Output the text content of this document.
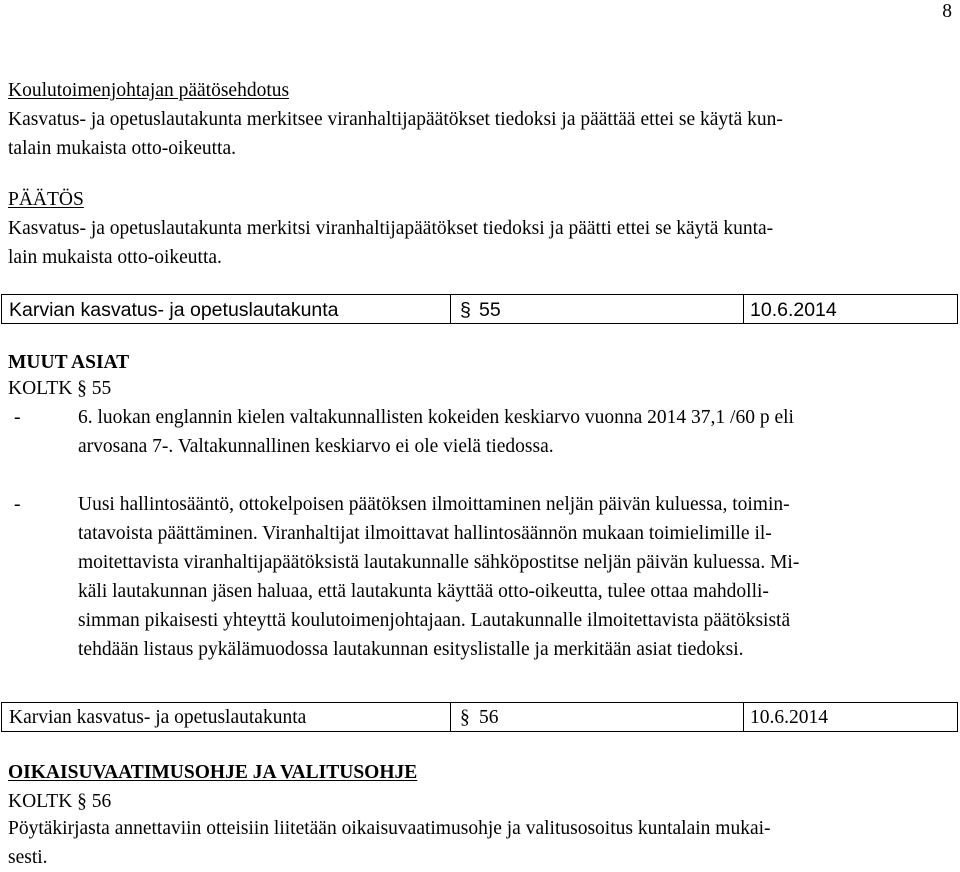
8
Koulutoimenjohtajan päätösehdotus
Kasvatus- ja opetuslautakunta merkitsee viranhaltijapäätökset tiedoksi ja päättää ettei se käytä kun-
talain mukaista otto-oikeutta.
PÄÄTÖS
Kasvatus- ja opetuslautakunta merkitsi viranhaltijapäätökset tiedoksi ja päätti ettei se käytä kunta-
lain mukaista otto-oikeutta.
Karvian kasvatus- ja opetuslautakunta	§ 55	10.6.2014
MUUT ASIAT
KOLTK § 55
-	6. luokan englannin kielen valtakunnallisten kokeiden keskiarvo vuonna 2014 37,1 /60 p eli
arvosana 7-. Valtakunnallinen keskiarvo ei ole vielä tiedossa.
-	Uusi hallintosääntö, ottokelpoisen päätöksen ilmoittaminen neljän päivän kuluessa, toimin-
tatavoista päättäminen. Viranhaltijat ilmoittavat hallintosäännön mukaan toimielimille il-
moitettavista viranhaltijapäätöksistä lautakunnalle sähköpostitse neljän päivän kuluessa. Mi-
käli lautakunnan jäsen haluaa, että lautakunta käyttää otto-oikeutta, tulee ottaa mahdolli-
simman pikaisesti yhteyttä koulutoimenjohtajaan. Lautakunnalle ilmoitettavista päätöksistä
tehdään listaus pykälämuodossa lautakunnan esityslistalle ja merkitään asiat tiedoksi.
Karvian kasvatus- ja opetuslautakunta	§ 56	10.6.2014
OIKAISUVAATIMUSOHJE JA VALITUSOHJE
KOLTK § 56
Pöytäkirjasta annettaviin otteisiin liitetään oikaisuvaatimusohje ja valitusosoitus kuntalain mukai-
sesti.
